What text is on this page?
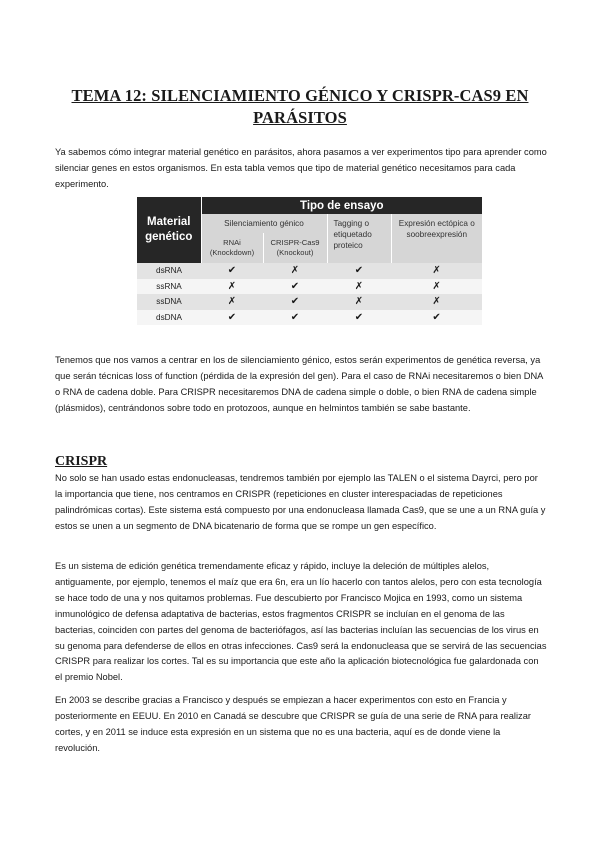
TEMA 12: SILENCIAMIENTO GÉNICO Y CRISPR-CAS9 EN PARÁSITOS

Ya sabemos cómo integrar material genético en parásitos, ahora pasamos a ver experimentos tipo para aprender como silenciar genes en estos organismos. En esta tabla vemos que tipo de material genético necesitamos para cada experimento.

Material genético	Tipo de ensayo			
	Silenciamiento génico		Tagging o etiquetado proteico	Expresión ectópica o soobreexpresión
	RNAi (Knockdown)	CRISPR-Cas9 (Knockout)		
dsRNA	✔	✗	✔	✗
ssRNA	✗	✔	✗	✗
ssDNA	✗	✔	✗	✗
dsDNA	✔	✔	✔	✔

Tenemos que nos vamos a centrar en los de silenciamiento génico, estos serán experimentos de genética reversa, ya que serán técnicas loss of function (pérdida de la expresión del gen). Para el caso de RNAi necesitaremos o bien DNA o RNA de cadena doble. Para CRISPR necesitaremos DNA de cadena simple o doble, o bien RNA de cadena simple (plásmidos), centrándonos sobre todo en protozoos, aunque en helmintos también se sabe bastante.

CRISPR

No solo se han usado estas endonucleasas, tendremos también por ejemplo las TALEN o el sistema Dayrci, pero por la importancia que tiene, nos centramos en CRISPR (repeticiones en cluster interespaciadas de repeticiones palindrómicas cortas). Este sistema está compuesto por una endonucleasa llamada Cas9, que se une a un RNA guía y estos se unen a un segmento de DNA bicatenario de forma que se rompe un gen específico.

Es un sistema de edición genética tremendamente eficaz y rápido, incluye la deleción de múltiples alelos, antiguamente, por ejemplo, tenemos el maíz que era 6n, era un lío hacerlo con tantos alelos, pero con esta tecnología se hace todo de una y nos quitamos problemas. Fue descubierto por Francisco Mojica en 1993, como un sistema inmunológico de defensa adaptativa de bacterias, estos fragmentos CRISPR se incluían en el genoma de las bacterias, coinciden con partes del genoma de bacteriófagos, así las bacterias incluían las secuencias de los virus en su genoma para defenderse de ellos en otras infecciones. Cas9 será la endonucleasa que se servirá de las secuencias CRISPR para realizar los cortes. Tal es su importancia que este año la aplicación biotecnológica fue galardonada con el premio Nobel.

En 2003 se describe gracias a Francisco y después se empiezan a hacer experimentos con esto en Francia y posteriormente en EEUU. En 2010 en Canadá se descubre que CRISPR se guía de una serie de RNA para realizar cortes, y en 2011 se induce esta expresión en un sistema que no es una bacteria, aquí es de donde viene la revolución.
